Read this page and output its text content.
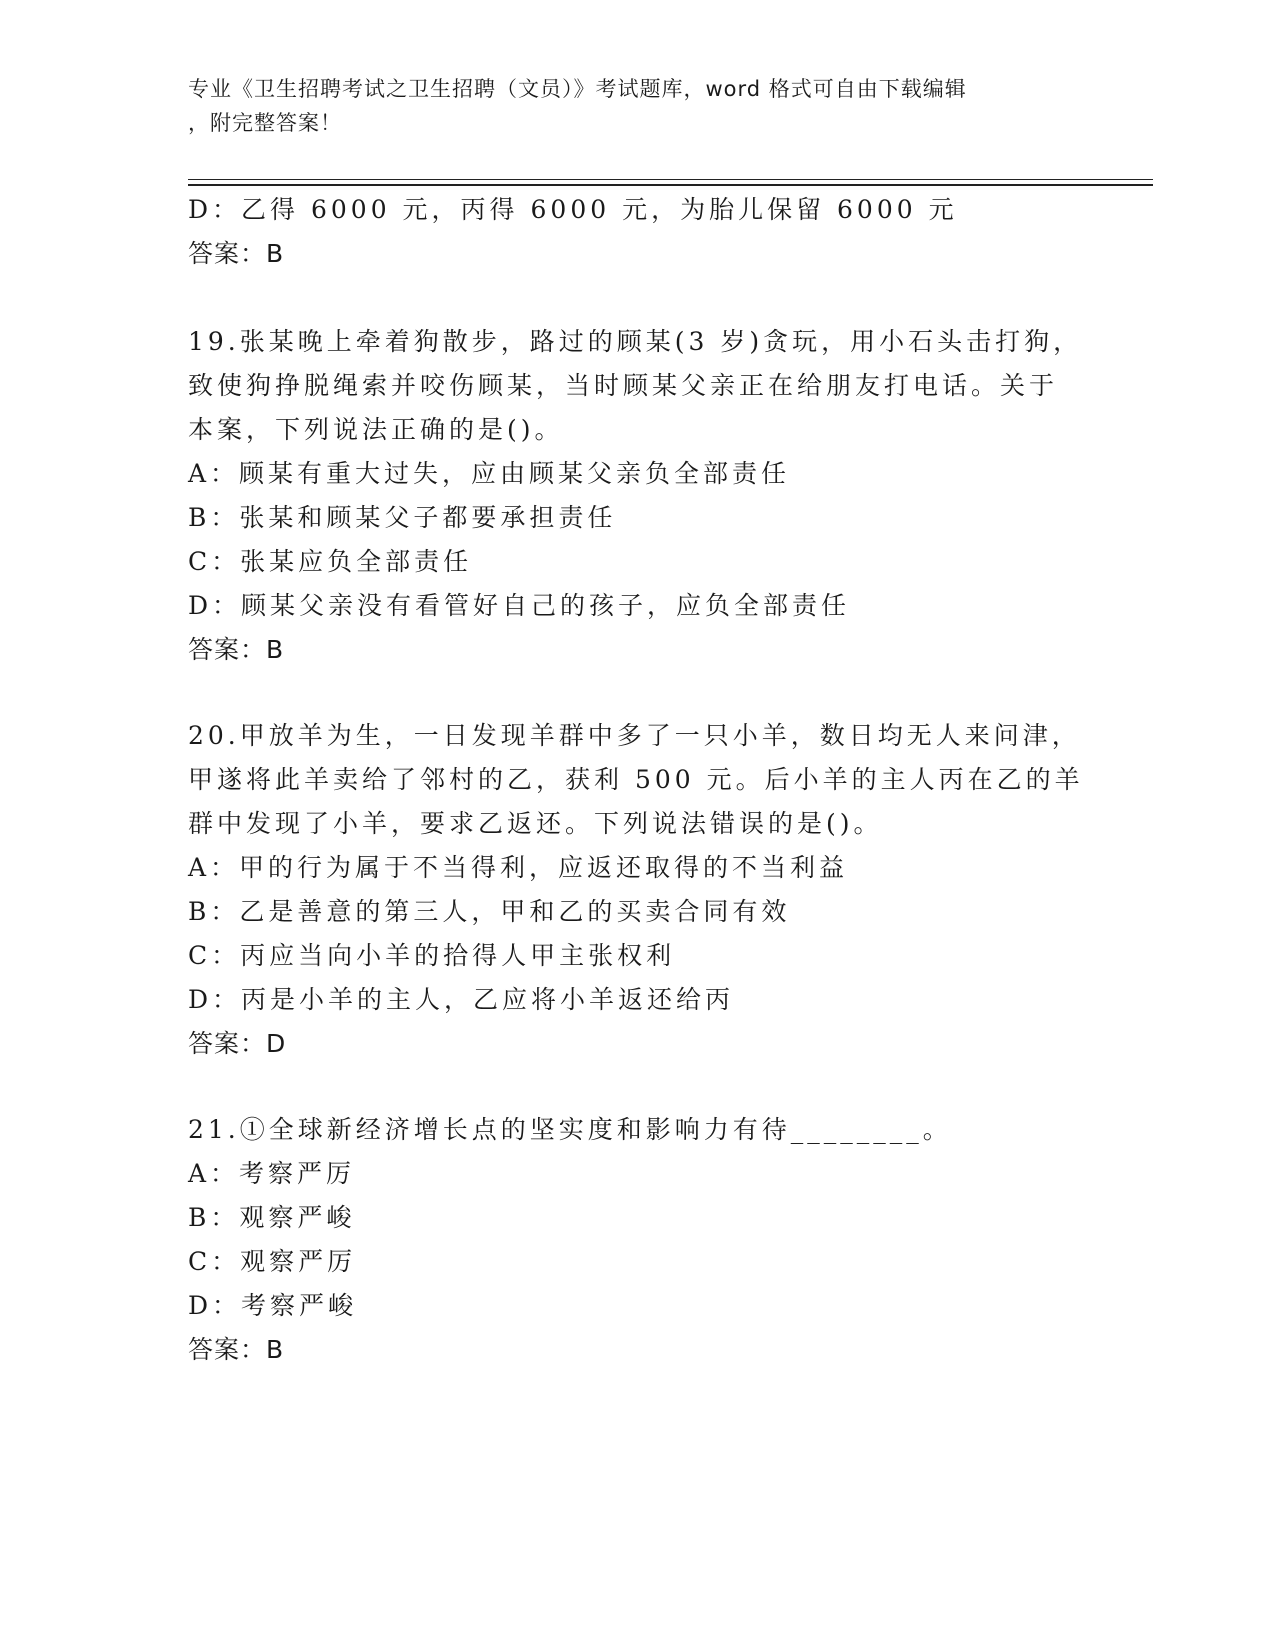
专业《卫生招聘考试之卫生招聘（文员）》考试题库，word 格式可自由下载编辑
，附完整答案！
D：乙得 6000 元，丙得 6000 元，为胎儿保留 6000 元
答案：B
19.张某晚上牵着狗散步，路过的顾某(3 岁)贪玩，用小石头击打狗，
致使狗挣脱绳索并咬伤顾某，当时顾某父亲正在给朋友打电话。关于
本案，下列说法正确的是()。
A：顾某有重大过失，应由顾某父亲负全部责任
B：张某和顾某父子都要承担责任
C：张某应负全部责任
D：顾某父亲没有看管好自己的孩子，应负全部责任
答案：B
20.甲放羊为生，一日发现羊群中多了一只小羊，数日均无人来问津，
甲遂将此羊卖给了邻村的乙，获利 500 元。后小羊的主人丙在乙的羊
群中发现了小羊，要求乙返还。下列说法错误的是()。
A：甲的行为属于不当得利，应返还取得的不当利益
B：乙是善意的第三人，甲和乙的买卖合同有效
C：丙应当向小羊的拾得人甲主张权利
D：丙是小羊的主人，乙应将小羊返还给丙
答案：D
21.①全球新经济增长点的坚实度和影响力有待________。
A：考察严厉
B：观察严峻
C：观察严厉
D：考察严峻
答案：B
